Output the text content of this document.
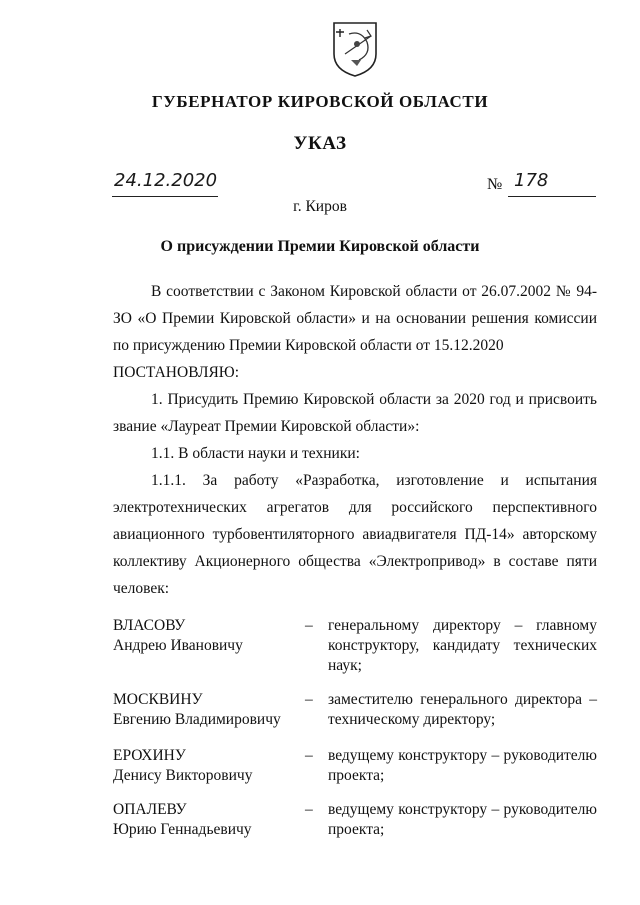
ГУБЕРНАТОР КИРОВСКОЙ ОБЛАСТИ
УКАЗ
24.12.2020	№ 178
г. Киров
О присуждении Премии Кировской области

В соответствии с Законом Кировской области от 26.07.2002 № 94-ЗО «О Премии Кировской области» и на основании решения комиссии по присуждению Премии Кировской области от 15.12.2020

ПОСТАНОВЛЯЮ:

1. Присудить Премию Кировской области за 2020 год и присвоить звание «Лауреат Премии Кировской области»:

1.1. В области науки и техники:

1.1.1. За работу «Разработка, изготовление и испытания электротехнических агрегатов для российского перспективного авиационного турбовентиляторного авиадвигателя ПД-14» авторскому коллективу Акционерного общества «Электропривод» в составе пяти человек:

ВЛАСОВУ
Андрею Ивановичу
– генеральному директору – главному конструктору, кандидату технических наук;
МОСКВИНУ
Евгению Владимировичу
– заместителю генерального директора – техническому директору;
ЕРОХИНУ
Денису Викторовичу
– ведущему конструктору – руководителю проекта;
ОПАЛЕВУ
Юрию Геннадьевичу
– ведущему конструктору – руководителю проекта;
